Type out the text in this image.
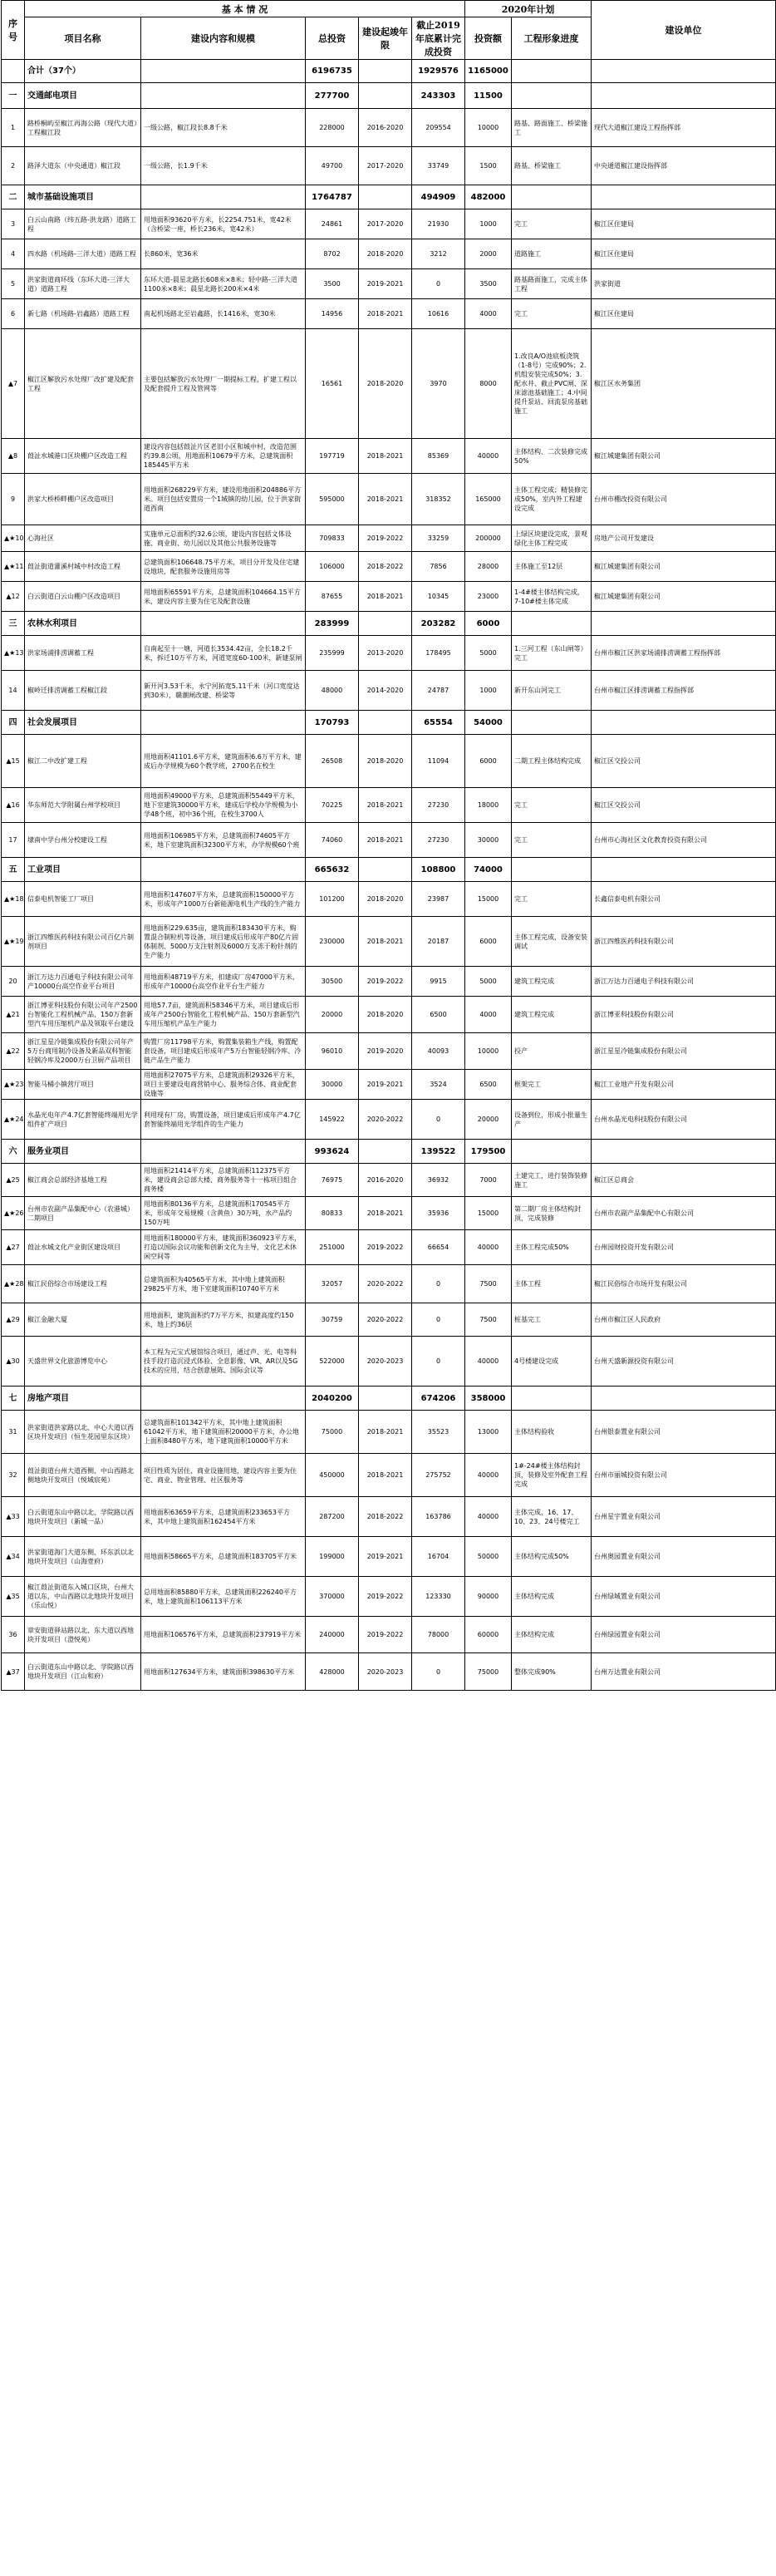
序号	基 本 情 况					2020年计划		建设单位
	项目名称	建设内容和规模	总投资	建设起竣年限	截止2019年底累计完成投资	投资额	工程形象进度	
	合计（37个）		6196735		1929576	1165000		
一	交通邮电项目		277700		243303	11500		
1	路桥桐屿至椒江再海公路（现代大道）工程椒江段	一级公路，椒江段长8.8千米	228000	2016-2020	209554	10000	路基、路面施工、桥梁施工	现代大道椒江建设工程指挥部
2	路泽大道东（中央通道）椒江段	一级公路，长1.9千米	49700	2017-2020	33749	1500	路基、桥梁施工	中央通道椒江建设指挥部
二	城市基础设施项目		1764787		494909	482000		
3	白云山南路（纬五路-洪龙路）道路工程	用地面积93620平方米，长2254.751米，宽42米（含桥梁一座，桥长236米，宽42米）	24861	2017-2020	21930	1000	完工	椒江区住建局
4	四水路（机场路-三洋大道）道路工程	长860米，宽36米	8702	2018-2020	3212	2000	道路施工	椒江区住建局
5	洪家街道商环线（东环大道-三洋大道）道路工程	东环大道-晨星北路长608米×8米；轻中路-三洋大道1100米×8米；晨星北路长200米×4米	3500	2019-2021	0	3500	路基路面施工，完成主体工程	洪家街道
6	新七路（机场路-岩鑫路）道路工程	南起机场路北至岩鑫路，长1416米，宽30米	14956	2018-2021	10616	4000	完工	椒江区住建局
▲7	椒江区解放污水处理厂改扩建及配套工程	主要包括解放污水处理厂一期提标工程，扩建工程以及配套提升工程及管网等	16561	2018-2020	3970	8000	1.改良A/O池底板浇筑（1-8号）完成90%；2.机组安装完成50%；3.配水井、截止PVC闸、深床滤池基础施工；4.中间提升泵站、回流泵房基础施工	椒江区水务集团
▲8	葭沚水城港口区块棚户区改造工程	建设内容包括葭沚片区老旧小区和城中村，改造范围约39.8公顷，用地面积10679平方米，总建筑面积185445平方米	197719	2018-2021	85369	40000	主体结构、二次装修完成50%	椒江城建集团有限公司
9	洪家大桥桥畔棚户区改造项目	用地面积268229平方米，建设用地面积204886平方米。项目包括安置房一个1城镇的幼儿园，位于洪家街道西南	595000	2018-2021	318352	165000	主体工程完成；精装修完成50%，室内外工程建设完成	台州市棚改投资有限公司
▲★10	心海社区	实施单元总面积约32.6公顷，建设内容包括文体设施、商业街、幼儿园以及其他公共服务设施等	709833	2019-2022	33259	200000	上绿区块建设完成，景观绿化主体工程完成	房地产公司开发建设
▲★11	葭沚街道灌溪村城中村改造工程	总建筑面积106648.75平方米，项目分开发及住宅建设地块，配套服务设施用房等	106000	2018-2022	7856	28000	主体施工至12层	椒江城建集团有限公司
▲12	白云街道白云山棚户区改造项目	用地面积65591平方米，总建筑面积104664.15平方米，建设内容主要为住宅及配套设施	87655	2018-2021	10345	23000	1-4#楼主体结构完成，7-10#楼主体完成	椒江城建集团有限公司
三	农林水利项目		283999		203282	6000		
▲★13	洪家场浦排涝调蓄工程	自南起至十一塘，河道长3534.42亩，全长18.2千米，拆迁10万平方米，河道宽度60-100米，新建泵闸	235999	2013-2020	178495	5000	1.三河工程（东山闸等）完工	台州市椒江区洪家场浦排涝调蓄工程指挥部
14	椒岭迁排涝调蓄工程椒江段	新开河3.53千米，永宁河拓宽5.11千米（河口宽度达到30米），赣潮闸改建、桥梁等	48000	2014-2020	24787	1000	新开东山河完工	台州市椒江区排涝调蓄工程指挥部
四	社会发展项目		170793		65554	54000		
▲15	椒江二中改扩建工程	用地面积41101.6平方米，建筑面积6.6万平方米，建成后办学规模为60个教学班，2700名在校生	26508	2018-2020	11094	6000	二期工程主体结构完成	椒江区交投公司
▲16	华东师范大学附属台州学校项目	用地面积49000平方米，总建筑面积55449平方米，地下室建筑30000平方米，建成后学校办学规模为小学48个班，初中36个班，在校生3700人	70225	2018-2021	27230	18000	完工	椒江区交投公司
17	埭南中学台州分校建设工程	用地面积106985平方米，总建筑面积74605平方米，地下室建筑面积32300平方米，办学规模60个班	74060	2018-2021	27230	30000	完工	台州市心海社区文化教育投资有限公司
五	工业项目		665632		108800	74000		
▲★18	信泰电机智能工厂项目	用地面积147607平方米，总建筑面积150000平方米，形成年产1000万台新能源电机生产线的生产能力	101200	2018-2020	23987	15000	完工	长鑫信泰电机有限公司
▲★19	浙江四维医药科技有限公司百亿片制剂项目	用地面积229.635亩，建筑面积183430平方米，购置混合制粒机等设备，项目建成后形成年产80亿片固体制剂、5000万支注射剂及6000万支冻干粉针剂的生产能力	230000	2018-2021	20187	6000	主体工程完成，设备安装调试	浙江四维医药科技有限公司
20	浙江万达力百通电子科技有限公司年产10000台高空作业平台项目	用地面积48719平方米，扣建成厂房47000平方米，形成年产10000台高空作业平台生产能力	30500	2019-2022	9915	5000	建筑工程完成	浙江万达力百通电子科技有限公司
▲21	浙江博亚科技股份有限公司年产2500台智能化工程机械产品、150万套新型汽车用压缩机产品及领取平台建设	用地57.7亩，建筑面积58346平方米，项目建成后形成年产2500台智能化工程机械产品、150万套新型汽车用压缩机产品生产能力	20000	2018-2020	6500	4000	建筑工程完成	浙江博亚科技股份有限公司
▲22	浙江星星冷链集成股份有限公司年产5万台商用制冷设备及新品双科智能轻钢冷库及2000万台卫厨产品项目	购置厂房11798平方米，购置集装箱生产线，购置配套设备，项目建成后形成年产5万台智能轻钢冷库、冷链产品生产能力	96010	2019-2020	40093	10000	投产	浙江星星冷链集成股份有限公司
▲★23	智能马桶小镇营厅项目	用地面积27075平方米，总建筑面积29326平方米，项目主要建设电商营销中心、服务综合体、商业配套设施等	30000	2019-2021	3524	6500	框架完工	椒江工业地产开发有限公司
▲★24	水晶光电年产4.7亿套智能终端用光学组件扩产项目	利用现有厂房，购置设备，项目建成后形成年产4.7亿套智能终端用光学组件的生产能力	145922	2020-2022	0	20000	设备到位，形成小批量生产	台州水晶光电科技股份有限公司
六	服务业项目		993624		139522	179500		
▲25	椒江商会总部经济基地工程	用地面积21414平方米，总建筑面积112375平方米，建设商会总部大楼、商务服务等十一栋项目组合商务楼	76975	2016-2020	36932	7000	土建完工，进行装饰装修施工	椒江区总商会
▲★26	台州市农副产品集配中心（农港城）二期项目	用地面积80136平方米，总建筑面积170545平方米，形成年交易规模（含黄鱼）30万吨，水产品约150万吨	80833	2018-2021	35936	15000	第二期厂房主体结构封顶，完成装修	台州市农副产品集配中心有限公司
▲27	葭沚水城文化产业街区建设项目	用地面积180000平方米，建筑面积360923平方米，打造以国际会议功能和创新文化为主导，文化艺术休闲空间等	251000	2019-2022	66654	40000	主体工程完成50%	台州园财投资开发有限公司
▲★28	椒江民俗综合市场建设工程	总建筑面积为40565平方米，其中地上建筑面积29825平方米，地下室建筑面积10740平方米	32057	2020-2022	0	7500	主体工程	椒江民俗综合市场开发有限公司
▲29	椒江金融大厦	用地面积，建筑面积约7万平方米，拟建高度约150米，地上约36层	30759	2020-2022	0	7500	桩基完工	台州市椒江区人民政府
▲30	天盛世界文化旅游博览中心	本工程为元宝式展馆综合项目，通过声、光、电等科技手段打造沉浸式体验、全息影像、VR、AR以及5G技术的应用，结合创意展陈、国际会议等	522000	2020-2023	0	40000	4号楼建设完成	台州天盛新源投资有限公司
七	房地产项目		2040200		674206	358000		
31	洪家街道洪家路以北、中心大道以西区块开发项目（恒生花园里东区块）	总建筑面积101342平方米，其中地上建筑面积61042平方米，地下建筑面积20000平方米，办公地上面积8480平方米，地下建筑面积10000平方米	75000	2018-2021	35523	13000	主体结构验收	台州银泰置业有限公司
32	葭沚街道台州大道西侧、中山西路北侧地块开发项目（悦城宸苑）	项目性质为居住、商业设施用地，建设内容主要为住宅、商业、物业管理、社区服务等	450000	2018-2021	275752	40000	1#-24#楼主体结构封顶，装修及室外配套工程完成	台州市丽城投资有限公司
▲33	白云街道东山中路以北、学院路以西地块开发项目（新城一品）	用地面积63659平方米，总建筑面积233653平方米，其中地上建筑面积162454平方米	287200	2018-2022	163786	40000	主体完成，16、17、10、23、24号楼完工	台州星宇置业有限公司
▲34	洪家街道海门大道东侧、环东浜以北地块开发项目（山海壹府）	用地面积58665平方米，总建筑面积183705平方米	199000	2019-2021	16704	50000	主体结构完成50%	台州奥园置业有限公司
▲35	椒江葭沚街道东入城口区块，台州大道以东，中山西路以北地块开发项目（乐山悦）	总用地面积85880平方米，总建筑面积226240平方米，地上建筑面积106113平方米	370000	2019-2022	123330	90000	主体结构完成	台州绿城置业有限公司
36	章安街道驿站路以北、东大道以西地块开发项目（澄悦苑）	用地面积106576平方米，总建筑面积237919平方米	240000	2019-2022	78000	60000	主体结构完成	台州绿园置业有限公司
▲37	白云街道东山中路以北、学院路以西地块开发项目（江山和府）	用地面积127634平方米，建筑面积398630平方米	428000	2020-2023	0	75000	整体完成90%	台州万达置业有限公司
